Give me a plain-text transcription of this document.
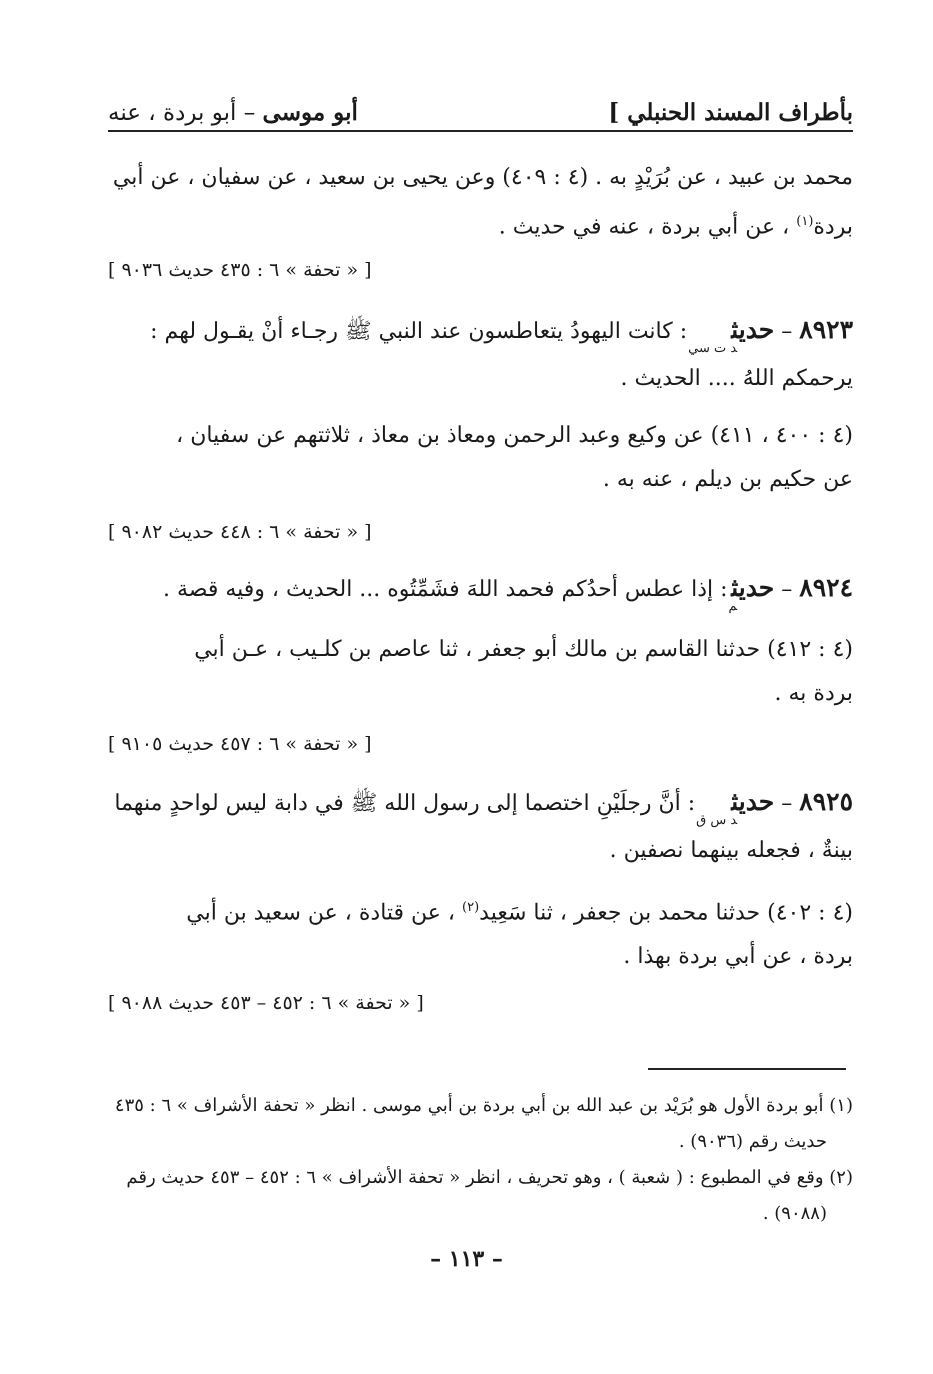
بأطراف المسند الحنبلي ]
أبو موسى – أبو بردة ، عنه
محمد بن عبيد ، عن بُرَيْدٍ به . (٤ : ٤٠٩) وعن يحيى بن سعيد ، عن سفيان ، عن أبي
بردة$^{(١)}$ ، عن أبي بردة ، عنه في حديث .
[ « تحفة » ٦ : ٤٣٥ حديث ٩٠٣٦ ]
٨٩٢٣ – حديث$_{د ت سي}$ : كانت اليهودُ يتعاطسون عند النبي ﷺ رجـاء أنْ يقـول لهم :
يرحمكم اللهُ .... الحديث .
(٤ : ٤٠٠ ، ٤١١) عن وكيع وعبد الرحمن ومعاذ بن معاذ ، ثلاثتهم عن سفيان ،
عن حكيم بن ديلم ، عنه به .
[ « تحفة » ٦ : ٤٤٨ حديث ٩٠٨٢ ]
٨٩٢٤ – حديث$_م$ : إذا عطس أحدُكم فحمد اللهَ فشَمِّتُوه ... الحديث ، وفيه قصة .
(٤ : ٤١٢) حدثنا القاسم بن مالك أبو جعفر ، ثنا عاصم بن كلـيب ، عـن أبي
بردة به .
[ « تحفة » ٦ : ٤٥٧ حديث ٩١٠٥ ]
٨٩٢٥ – حديث$_{د س ق}$ : أنَّ رجلَيْنِ اختصما إلى رسول الله ﷺ في دابة ليس لواحدٍ منهما
بينةٌ ، فجعله بينهما نصفين .
(٤ : ٤٠٢) حدثنا محمد بن جعفر ، ثنا سَعِيد$^{(٢)}$ ، عن قتادة ، عن سعيد بن أبي
بردة ، عن أبي بردة بهذا .
[ « تحفة » ٦ : ٤٥٢ – ٤٥٣ حديث ٩٠٨٨ ]
(١) أبو بردة الأول هو بُرَيْد بن عبد الله بن أبي بردة بن أبي موسى . انظر « تحفة الأشراف » ٦ : ٤٣٥
حديث رقم (٩٠٣٦) .
(٢) وقع في المطبوع : ( شعبة ) ، وهو تحريف ، انظر « تحفة الأشراف » ٦ : ٤٥٢ – ٤٥٣ حديث رقم
(٩٠٨٨) .
– ١١٣ –
